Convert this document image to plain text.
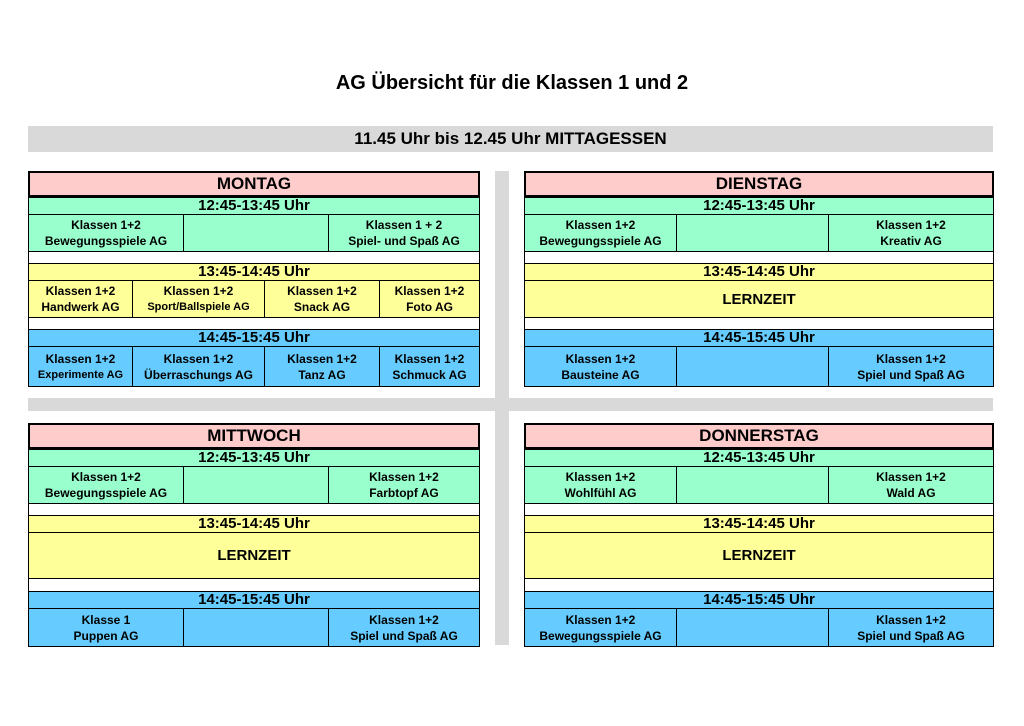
AG Übersicht für die Klassen 1 und 2
11.45 Uhr bis 12.45 Uhr MITTAGESSEN
MONTAG
12:45-13:45 Uhr
Klassen 1+2
Bewegungsspiele AG
Klassen 1 + 2
Spiel- und Spaß AG
13:45-14:45 Uhr
Klassen 1+2
Handwerk AG
Klassen 1+2
Sport/Ballspiele AG
Klassen 1+2
Snack AG
Klassen 1+2
Foto AG
14:45-15:45 Uhr
Klassen 1+2
Experimente AG
Klassen 1+2
Überraschungs AG
Klassen 1+2
Tanz AG
Klassen 1+2
Schmuck AG
DIENSTAG
12:45-13:45 Uhr
Klassen 1+2
Bewegungsspiele AG
Klassen 1+2
Kreativ AG
13:45-14:45 Uhr
LERNZEIT
14:45-15:45 Uhr
Klassen 1+2
Bausteine AG
Klassen 1+2
Spiel und Spaß AG
MITTWOCH
12:45-13:45 Uhr
Klassen 1+2
Bewegungsspiele AG
Klassen 1+2
Farbtopf AG
13:45-14:45 Uhr
LERNZEIT
14:45-15:45 Uhr
Klasse 1
Puppen AG
Klassen 1+2
Spiel und Spaß AG
DONNERSTAG
12:45-13:45 Uhr
Klassen 1+2
Wohlfühl AG
Klassen 1+2
Wald AG
13:45-14:45 Uhr
LERNZEIT
14:45-15:45 Uhr
Klassen 1+2
Bewegungsspiele AG
Klassen 1+2
Spiel und Spaß AG
